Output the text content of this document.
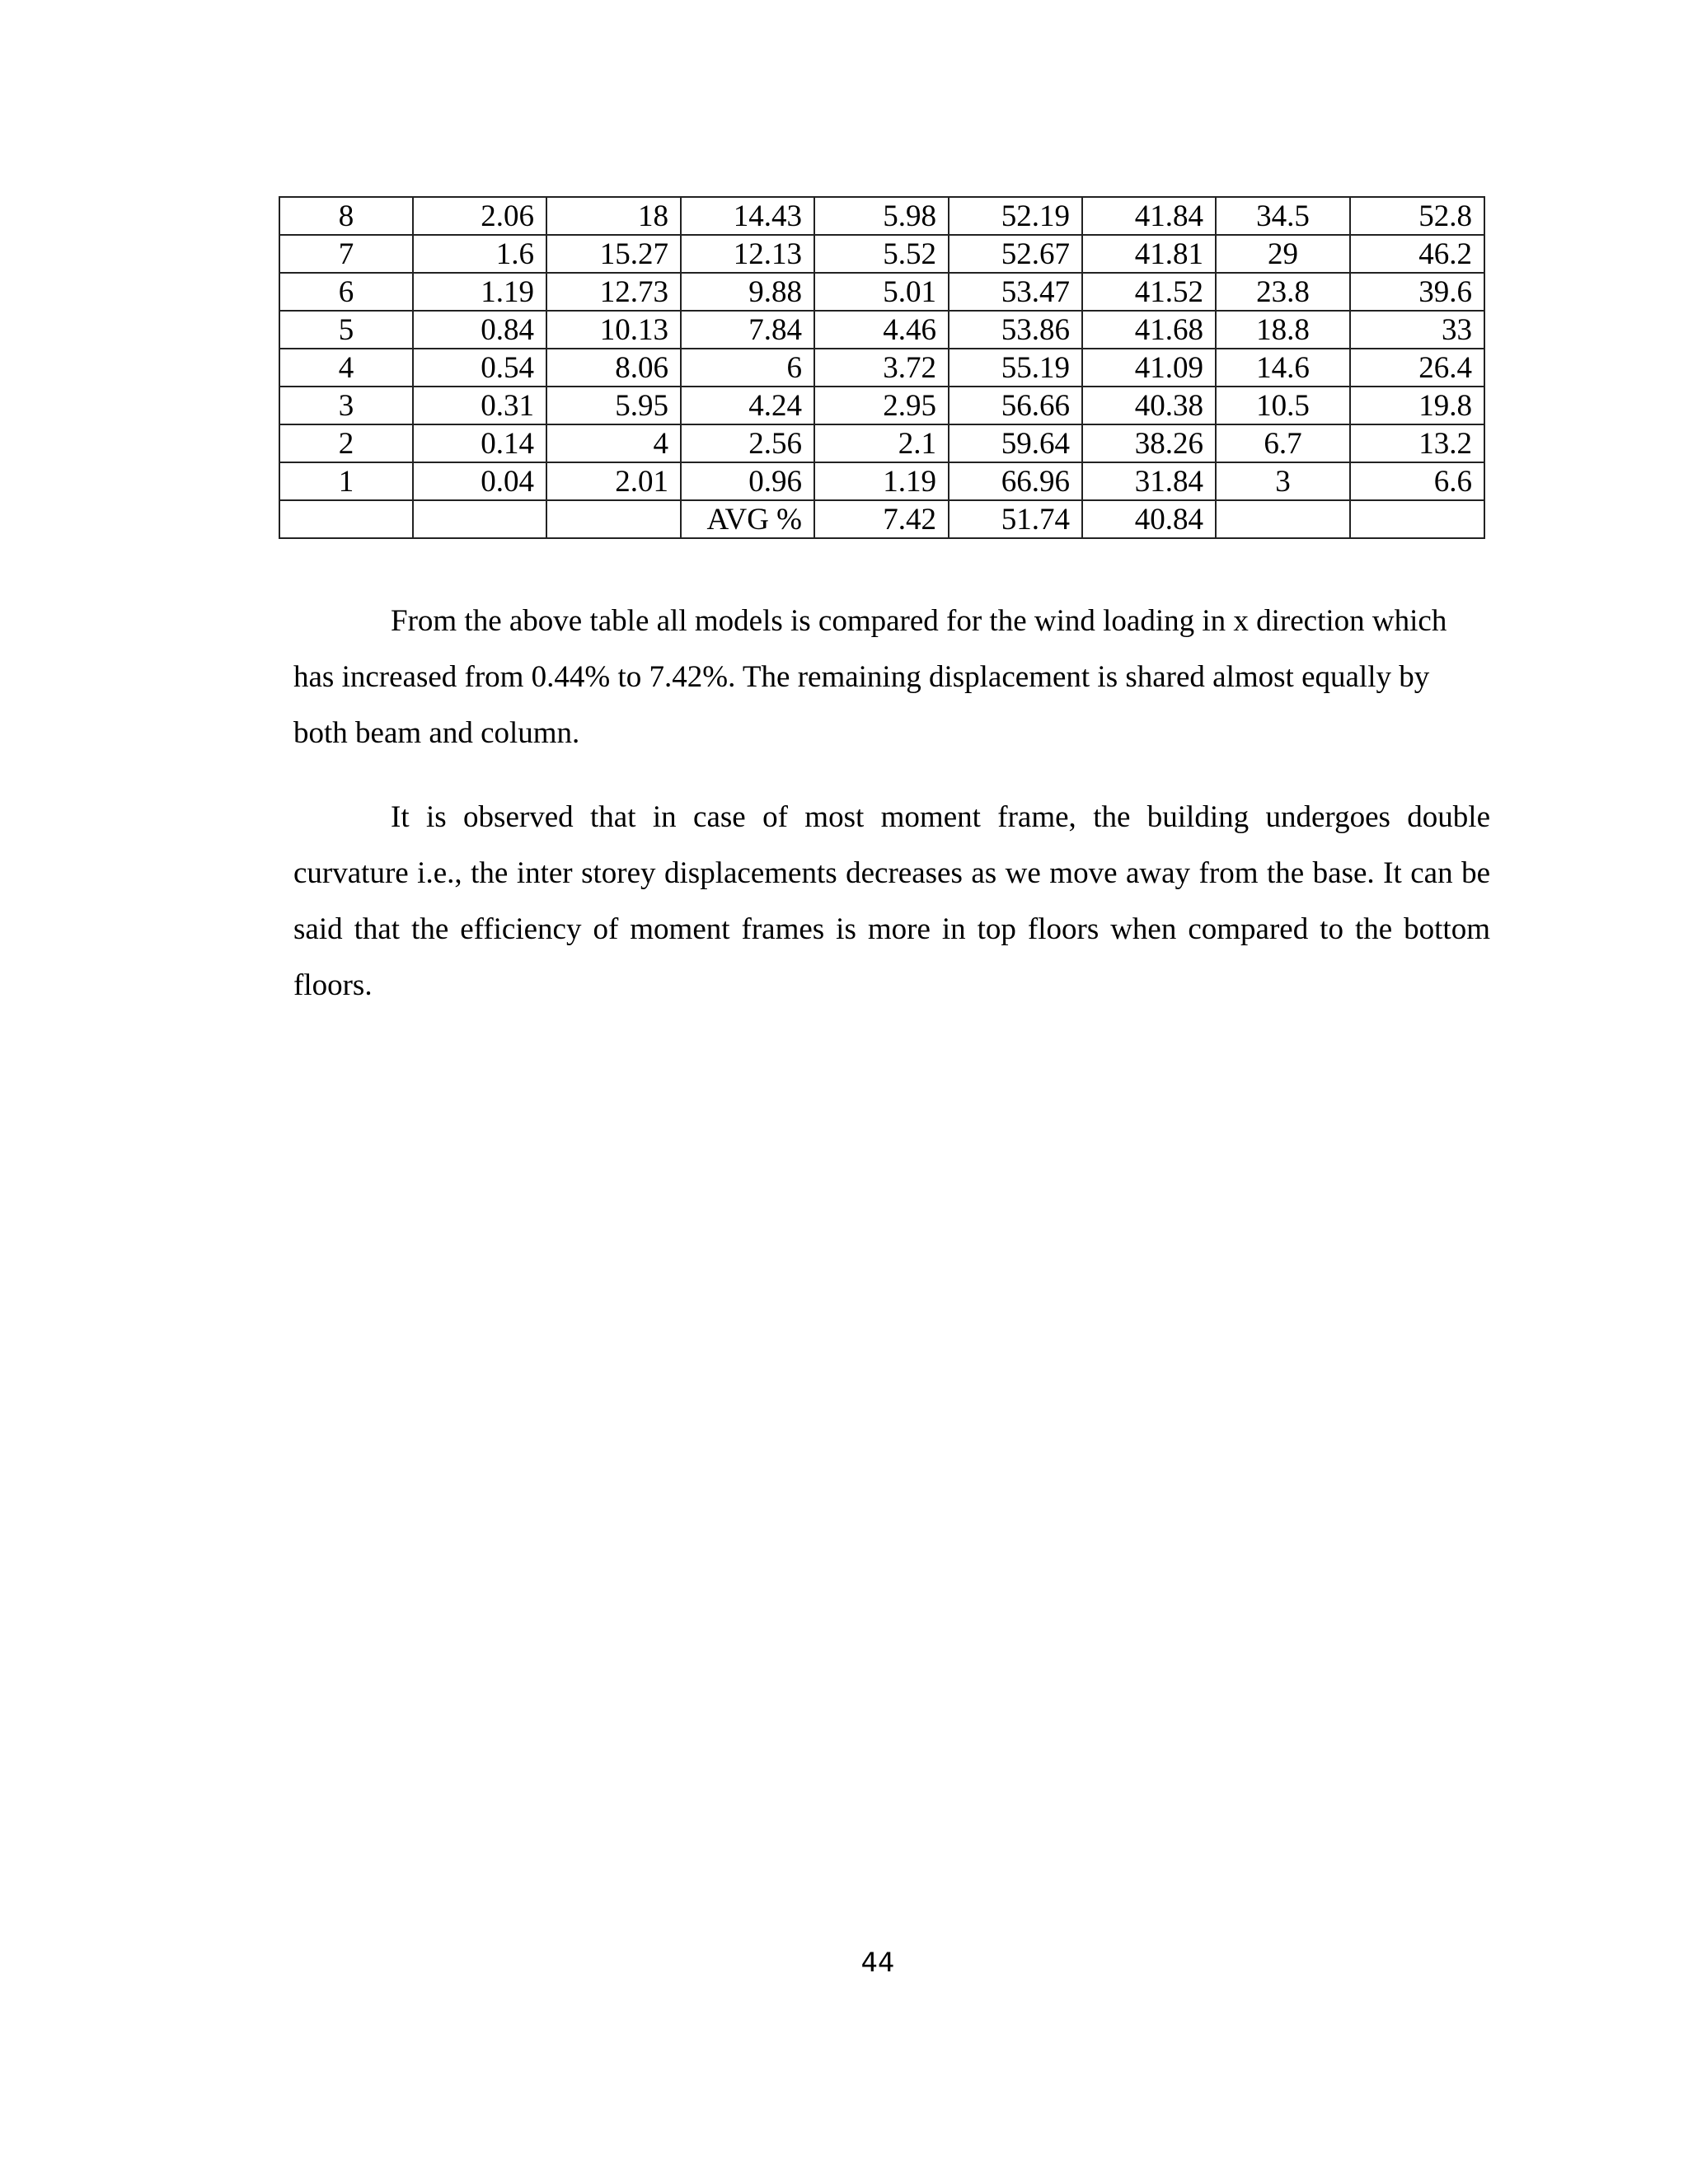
8	2.06	18	14.43	5.98	52.19	41.84	34.5	52.8
7	1.6	15.27	12.13	5.52	52.67	41.81	29	46.2
6	1.19	12.73	9.88	5.01	53.47	41.52	23.8	39.6
5	0.84	10.13	7.84	4.46	53.86	41.68	18.8	33
4	0.54	8.06	6	3.72	55.19	41.09	14.6	26.4
3	0.31	5.95	4.24	2.95	56.66	40.38	10.5	19.8
2	0.14	4	2.56	2.1	59.64	38.26	6.7	13.2
1	0.04	2.01	0.96	1.19	66.96	31.84	3	6.6
			AVG %	7.42	51.74	40.84		

From the above table all models is compared for the wind loading in x direction which has increased from 0.44% to 7.42%. The remaining displacement is shared almost equally by both beam and column.

It is observed that in case of most moment frame, the building undergoes double curvature i.e., the inter storey displacements decreases as we move away from the base. It can be said that the efficiency of moment frames is more in top floors when compared to the bottom floors.

44
